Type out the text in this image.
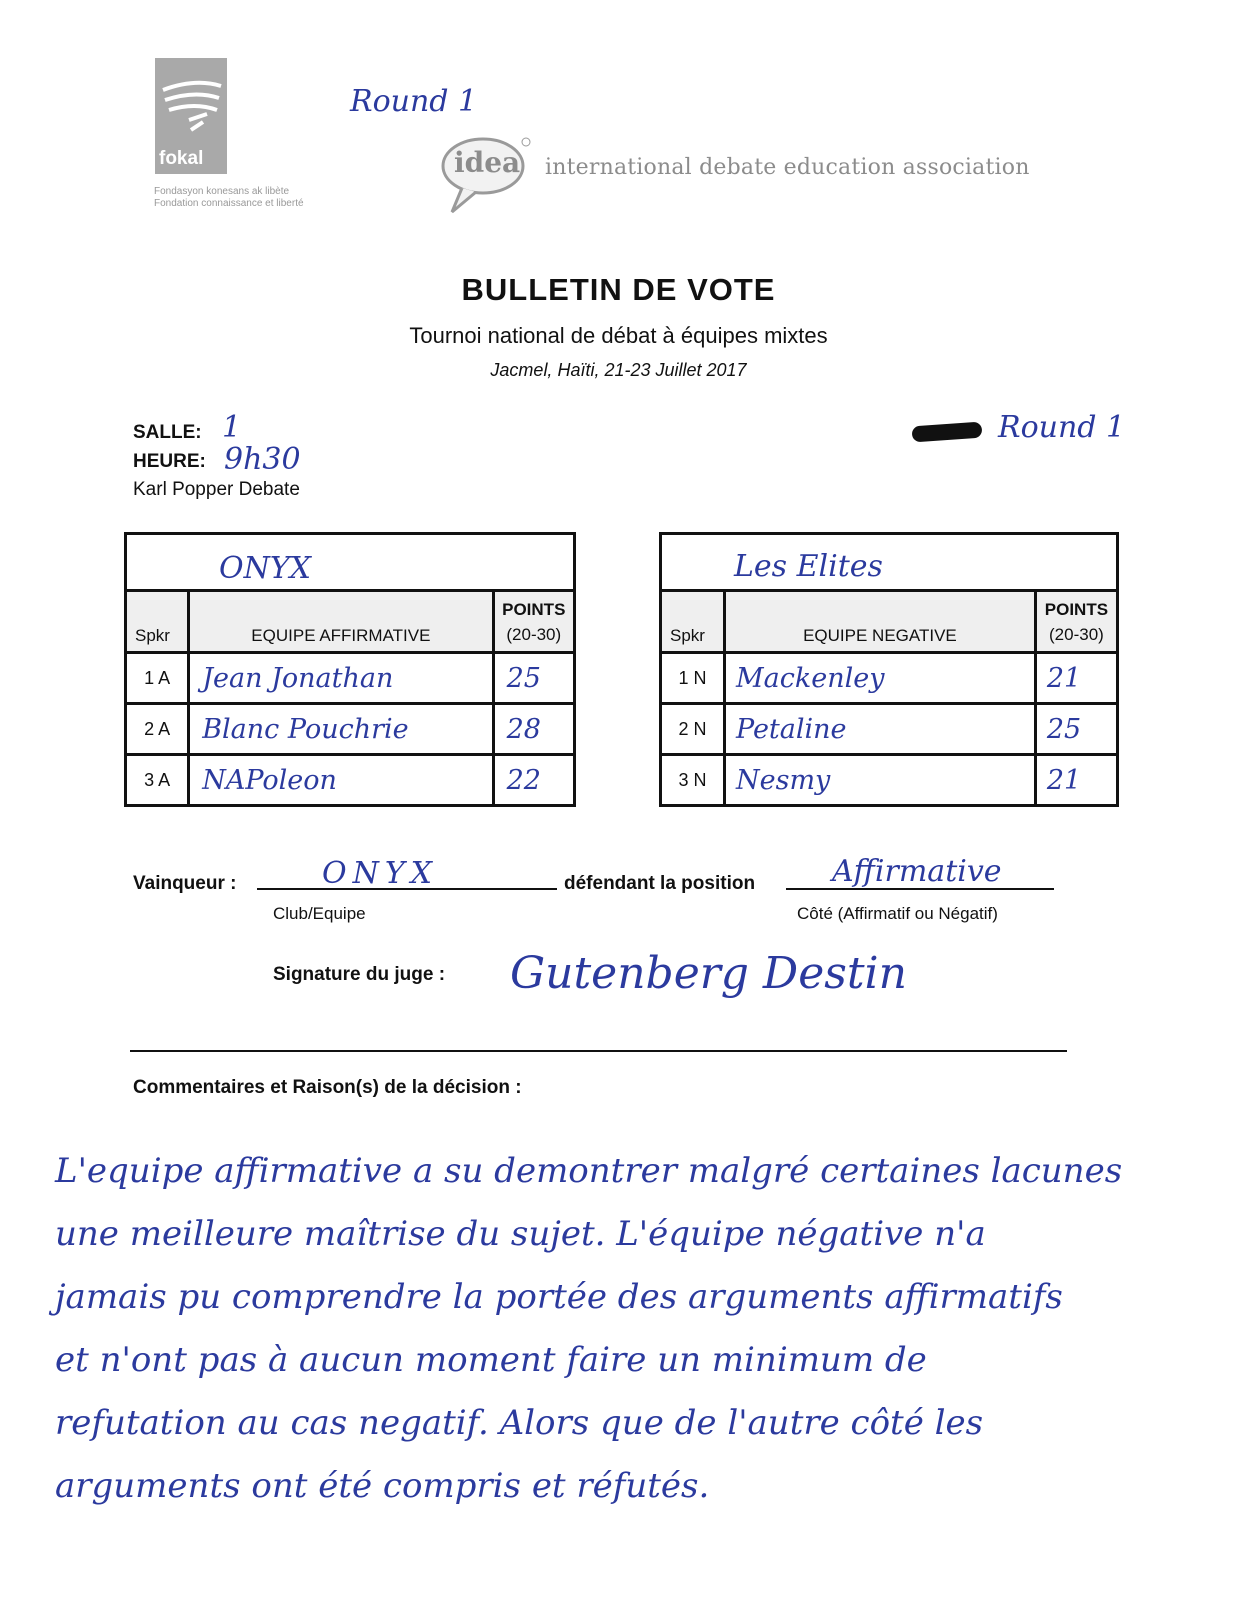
fokal
Fondasyon konesans ak libète
Fondation connaissance et liberté
idea international debate education association
Round 1
BULLETIN DE VOTE
Tournoi national de débat à équipes mixtes
Jacmel, Haïti, 21-23 Juillet 2017
SALLE: 1
HEURE: 9h30
Karl Popper Debate
Round 1
ONYX		

Spkr	EQUIPE AFFIRMATIVE	POINTS
(20-30)

1 A	Jean Jonathan	25
2 A	Blanc Pouchrie	28
3 A	NAPoleon	22
Les Elites		

Spkr	EQUIPE NEGATIVE	POINTS
(20-30)

1 N	Mackenley	21
2 N	Petaline	25
3 N	Nesmy	21
Vainqueur :	ONYX
Club/Equipe
défendant la position	Affirmative
Côté (Affirmatif ou Négatif)
Signature du juge : Gutenberg Destin
Commentaires et Raison(s) de la décision :
L'equipe affirmative a su demontrer malgré certaines lacunes
une meilleure maîtrise du sujet. L'équipe négative n'a
jamais pu comprendre la portée des arguments affirmatifs
et n'ont pas à aucun moment faire un minimum de
refutation au cas negatif. Alors que de l'autre côté les
arguments ont été compris et réfutés.
